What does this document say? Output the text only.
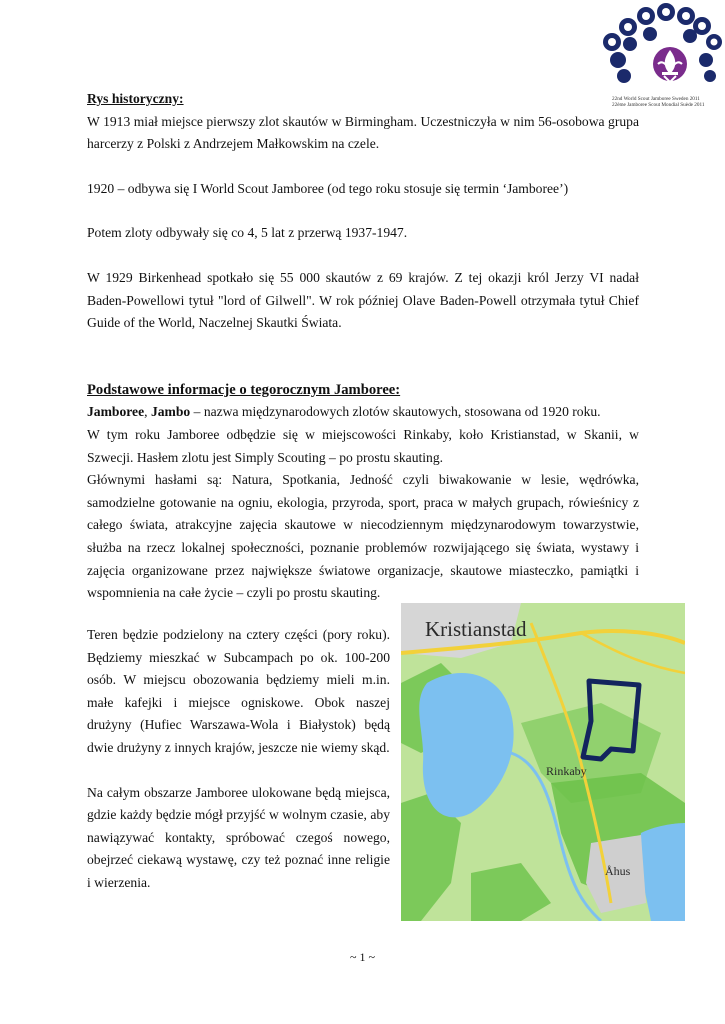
22nd World Scout Jamboree Sweden 2011
22ème Jamboree Scout Mondial Suède 2011

Rys historyczny:

W 1913 miał miejsce pierwszy zlot skautów w Birmingham. Uczestniczyła w nim 56-osobowa grupa harcerzy z Polski z Andrzejem Małkowskim na czele.

1920 – odbywa się I World Scout Jamboree (od tego roku stosuje się termin ‘Jamboree’)

Potem zloty odbywały się co 4, 5 lat z przerwą 1937-1947.

W 1929 Birkenhead spotkało się 55 000 skautów z 69 krajów. Z tej okazji król Jerzy VI nadał Baden-Powellowi tytuł "lord of Gilwell". W rok później Olave Baden-Powell otrzymała tytuł Chief Guide of the World, Naczelnej Skautki Świata.

Podstawowe informacje o tegorocznym Jamboree:

Jamboree, Jambo – nazwa międzynarodowych zlotów skautowych, stosowana od 1920 roku.

W tym roku Jamboree odbędzie się w miejscowości Rinkaby, koło Kristianstad, w Skanii, w Szwecji. Hasłem zlotu jest Simply Scouting – po prostu skauting.

Głównymi hasłami są: Natura, Spotkania, Jedność czyli biwakowanie w lesie, wędrówka, samodzielne gotowanie na ogniu, ekologia, przyroda, sport, praca w małych grupach, rówieśnicy z całego świata, atrakcyjne zajęcia skautowe w niecodziennym międzynarodowym towarzystwie, służba na rzecz lokalnej społeczności, poznanie problemów rozwijającego się świata, wystawy i zajęcia organizowane przez największe światowe organizacje, skautowe miasteczko, pamiątki i wspomnienia na całe życie – czyli po prostu skauting.

Teren będzie podzielony na cztery części (pory roku). Będziemy mieszkać w Subcampach po ok. 100-200 osób. W miejscu obozowania będziemy mieli m.in. małe kafejki i miejsce ogniskowe. Obok naszej drużyny (Hufiec Warszawa-Wola i Białystok) będą dwie drużyny z innych krajów, jeszcze nie wiemy skąd.

Na całym obszarze Jamboree ulokowane będą miejsca, gdzie każdy będzie mógł przyjść w wolnym czasie, aby nawiązywać kontakty, spróbować czegoś nowego, obejrzeć ciekawą wystawę, czy też poznać inne religie i wierzenia.

Kristianstad
Rinkaby
Åhus
~ 1 ~
